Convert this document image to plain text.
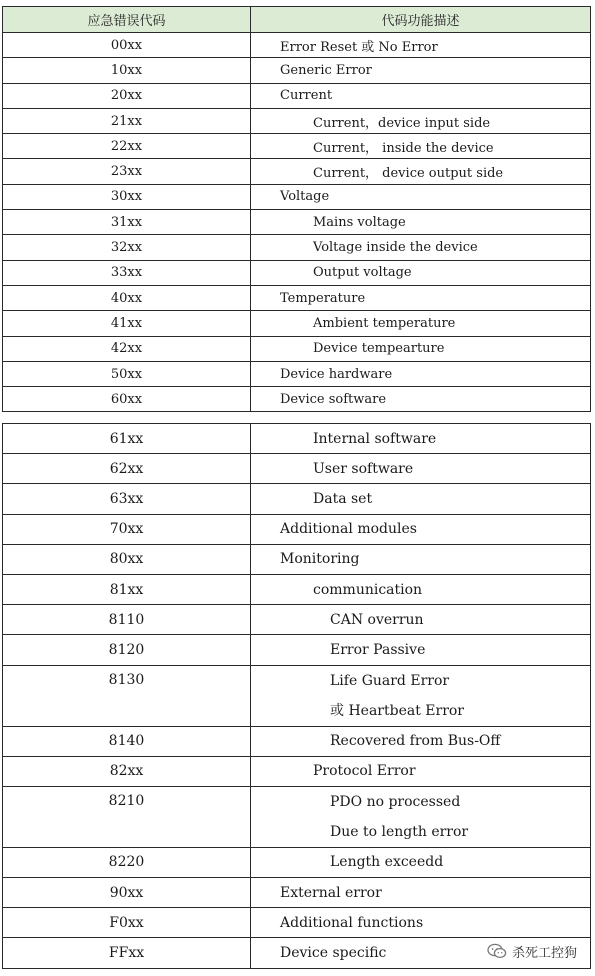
应急错误代码	代码功能描述
00xx	Error Reset 或 No Error

10xx	Generic Error

20xx	Current

21xx	Current，device input side

22xx	Current， inside the device

23xx	Current， device output side

30xx	Voltage

31xx	Mains voltage

32xx	Voltage inside the device

33xx	Output voltage

40xx	Temperature

41xx	Ambient temperature

42xx	Device tempearture

50xx	Device hardware

60xx	Device software
61xx	Internal software

62xx	User software

63xx	Data set

70xx	Additional modules

80xx	Monitoring

81xx	communication

8110	CAN overrun

8120	Error Passive

8130	Life Guard Error
或 Heartbeat Error

8140	Recovered from Bus-Off

82xx	Protocol Error

8210	PDO no processed
Due to length error

8220	Length exceedd

90xx	External error

F0xx	Additional functions

FFxx	Device specific	杀死工控狗
